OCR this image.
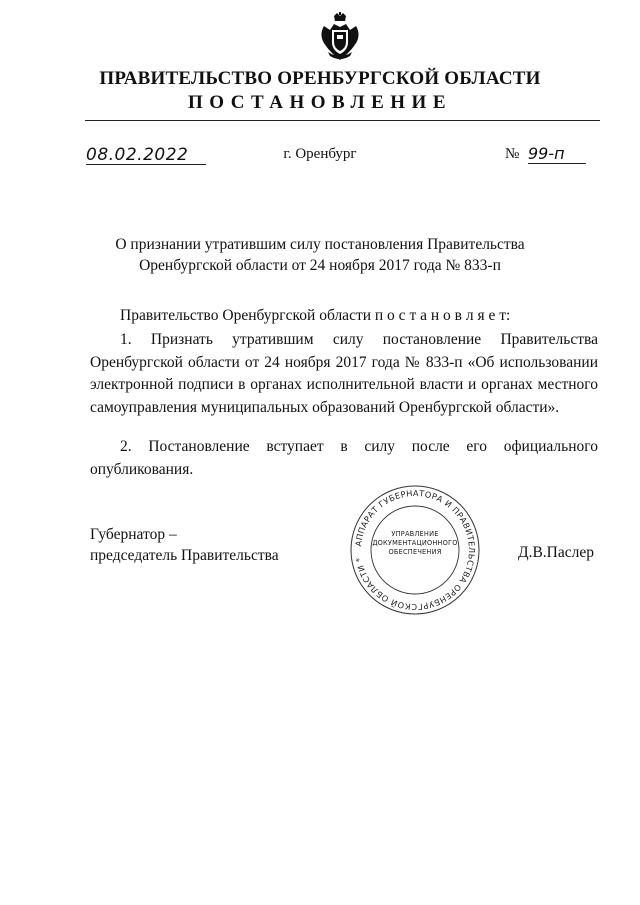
ПРАВИТЕЛЬСТВО ОРЕНБУРГСКОЙ ОБЛАСТИ
ПОСТАНОВЛЕНИЕ
08.02.2022	г. Оренбург	№ 99-п
О признании утратившим силу постановления Правительства
Оренбургской области от 24 ноября 2017 года № 833-п
Правительство Оренбургской области п о с т а н о в л я е т:
1. Признать утратившим силу постановление Правительства Оренбургской области от 24 ноября 2017 года № 833-п «Об использовании электронной подписи в органах исполнительной власти и органах местного самоуправления муниципальных образований Оренбургской области».
2. Постановление вступает в силу после его официального опубликования.
Губернатор –
председатель Правительства
АППАРАТ ГУБЕРНАТОРА И ПРАВИТЕЛЬСТВА ОРЕНБУРГСКОЙ ОБЛАСТИ *
УПРАВЛЕНИЕ
ДОКУМЕНТАЦИОННОГО
ОБЕСПЕЧЕНИЯ	Д.В.Паслер
